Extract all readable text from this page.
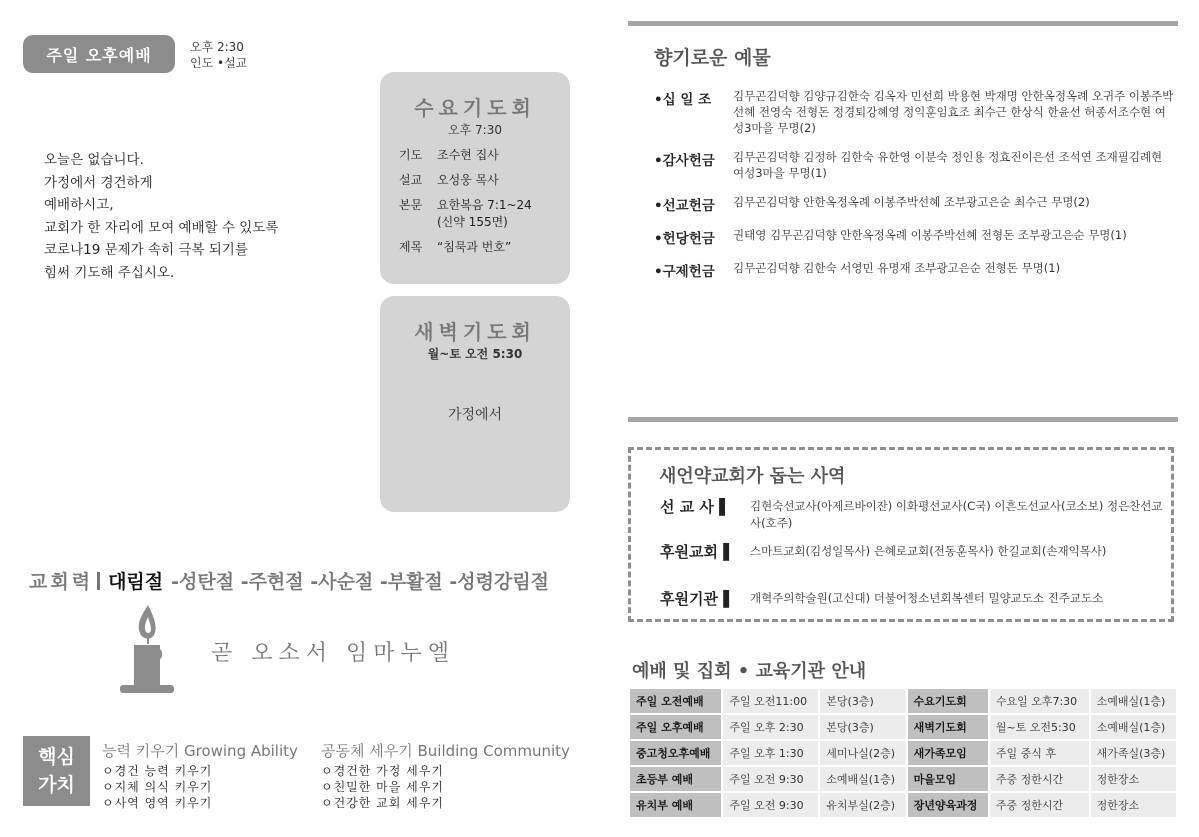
주일 오후예배	오후 2:30
인도 •설교
오늘은 없습니다.
가정에서 경건하게
예배하시고,
교회가 한 자리에 모여 예배할 수 있도록
코로나19 문제가 속히 극복 되기를
힘써 기도해 주십시오.
수요기도회
오후 7:30
기도	조수현 집사
설교	오성웅 목사
본문	요한복음 7:1~24
(신약 155면)
제목	“침묵과 번호”
새벽기도회
월~토 오전 5:30
가정에서
교회력 대림절 -성탄절 -주현절 -사순절 -부활절 -성령강림절
곧 오소서 임마누엘
핵심
가치
능력 키우기 Growing Ability
ㅇ경건 능력 키우기
ㅇ지체 의식 키우기
ㅇ사역 영역 키우기
공동체 세우기 Building Community
ㅇ경건한 가정 세우기
ㅇ친밀한 마을 세우기
ㅇ건강한 교회 세우기
향기로운 예물
•십 일 조	김무곤김덕향 김양규김한숙 김옥자 민선희 박용현 박재명 안한옥정옥례 오귀주 이봉주박선혜 전영숙 전형돈 정경퇴강혜영 정익훈임효조 최수근 한상식 한윤선 허종서조수현 여성3마을 무명(2)
•감사헌금	김무곤김덕향 김정하 김한숙 유한영 이분숙 정인용 정효진이은선 조석연 조재필김례현 여성3마을 무명(1)
•선교헌금	김무곤김덕향 안한옥정옥례 이봉주박선혜 조부광고은순 최수근 무명(2)
•헌당헌금	권태영 김무곤김덕향 안한옥정옥례 이봉주박선혜 전형돈 조부광고은순 무명(1)
•구제헌금	김무곤김덕향 김한숙 서영민 유명재 조부광고은순 전형돈 무명(1)
새언약교회가 돕는 사역
선 교 사 ▌	김현숙선교사(아제르바이잔) 이화평선교사(C국) 이흔도선교사(코소보) 정은찬선교사(호주)
후원교회 ▌	스마트교회(김성일목사) 은혜로교회(전동훈목사) 한길교회(손재익목사)
후원기관 ▌	개혁주의학술원(고신대) 더불어청소년회복센터 밀양교도소 진주교도소
예배 및 집회 • 교육기관 안내
주일 오전예배	주일 오전11:00	본당(3층)	수요기도회	수요일 오후7:30	소예배실(1층)
주일 오후예배	주일 오후 2:30	본당(3층)	새벽기도회	월~토 오전5:30	소예배실(1층)
중고청오후예배	주일 오후 1:30	세미나실(2층)	새가족모임	주일 중식 후	새가족실(3층)
초등부 예배	주일 오전 9:30	소예배실(1층)	마을모임	주중 정한시간	정한장소
유치부 예배	주일 오전 9:30	유치부실(2층)	장년양육과정	주중 정한시간	정한장소
